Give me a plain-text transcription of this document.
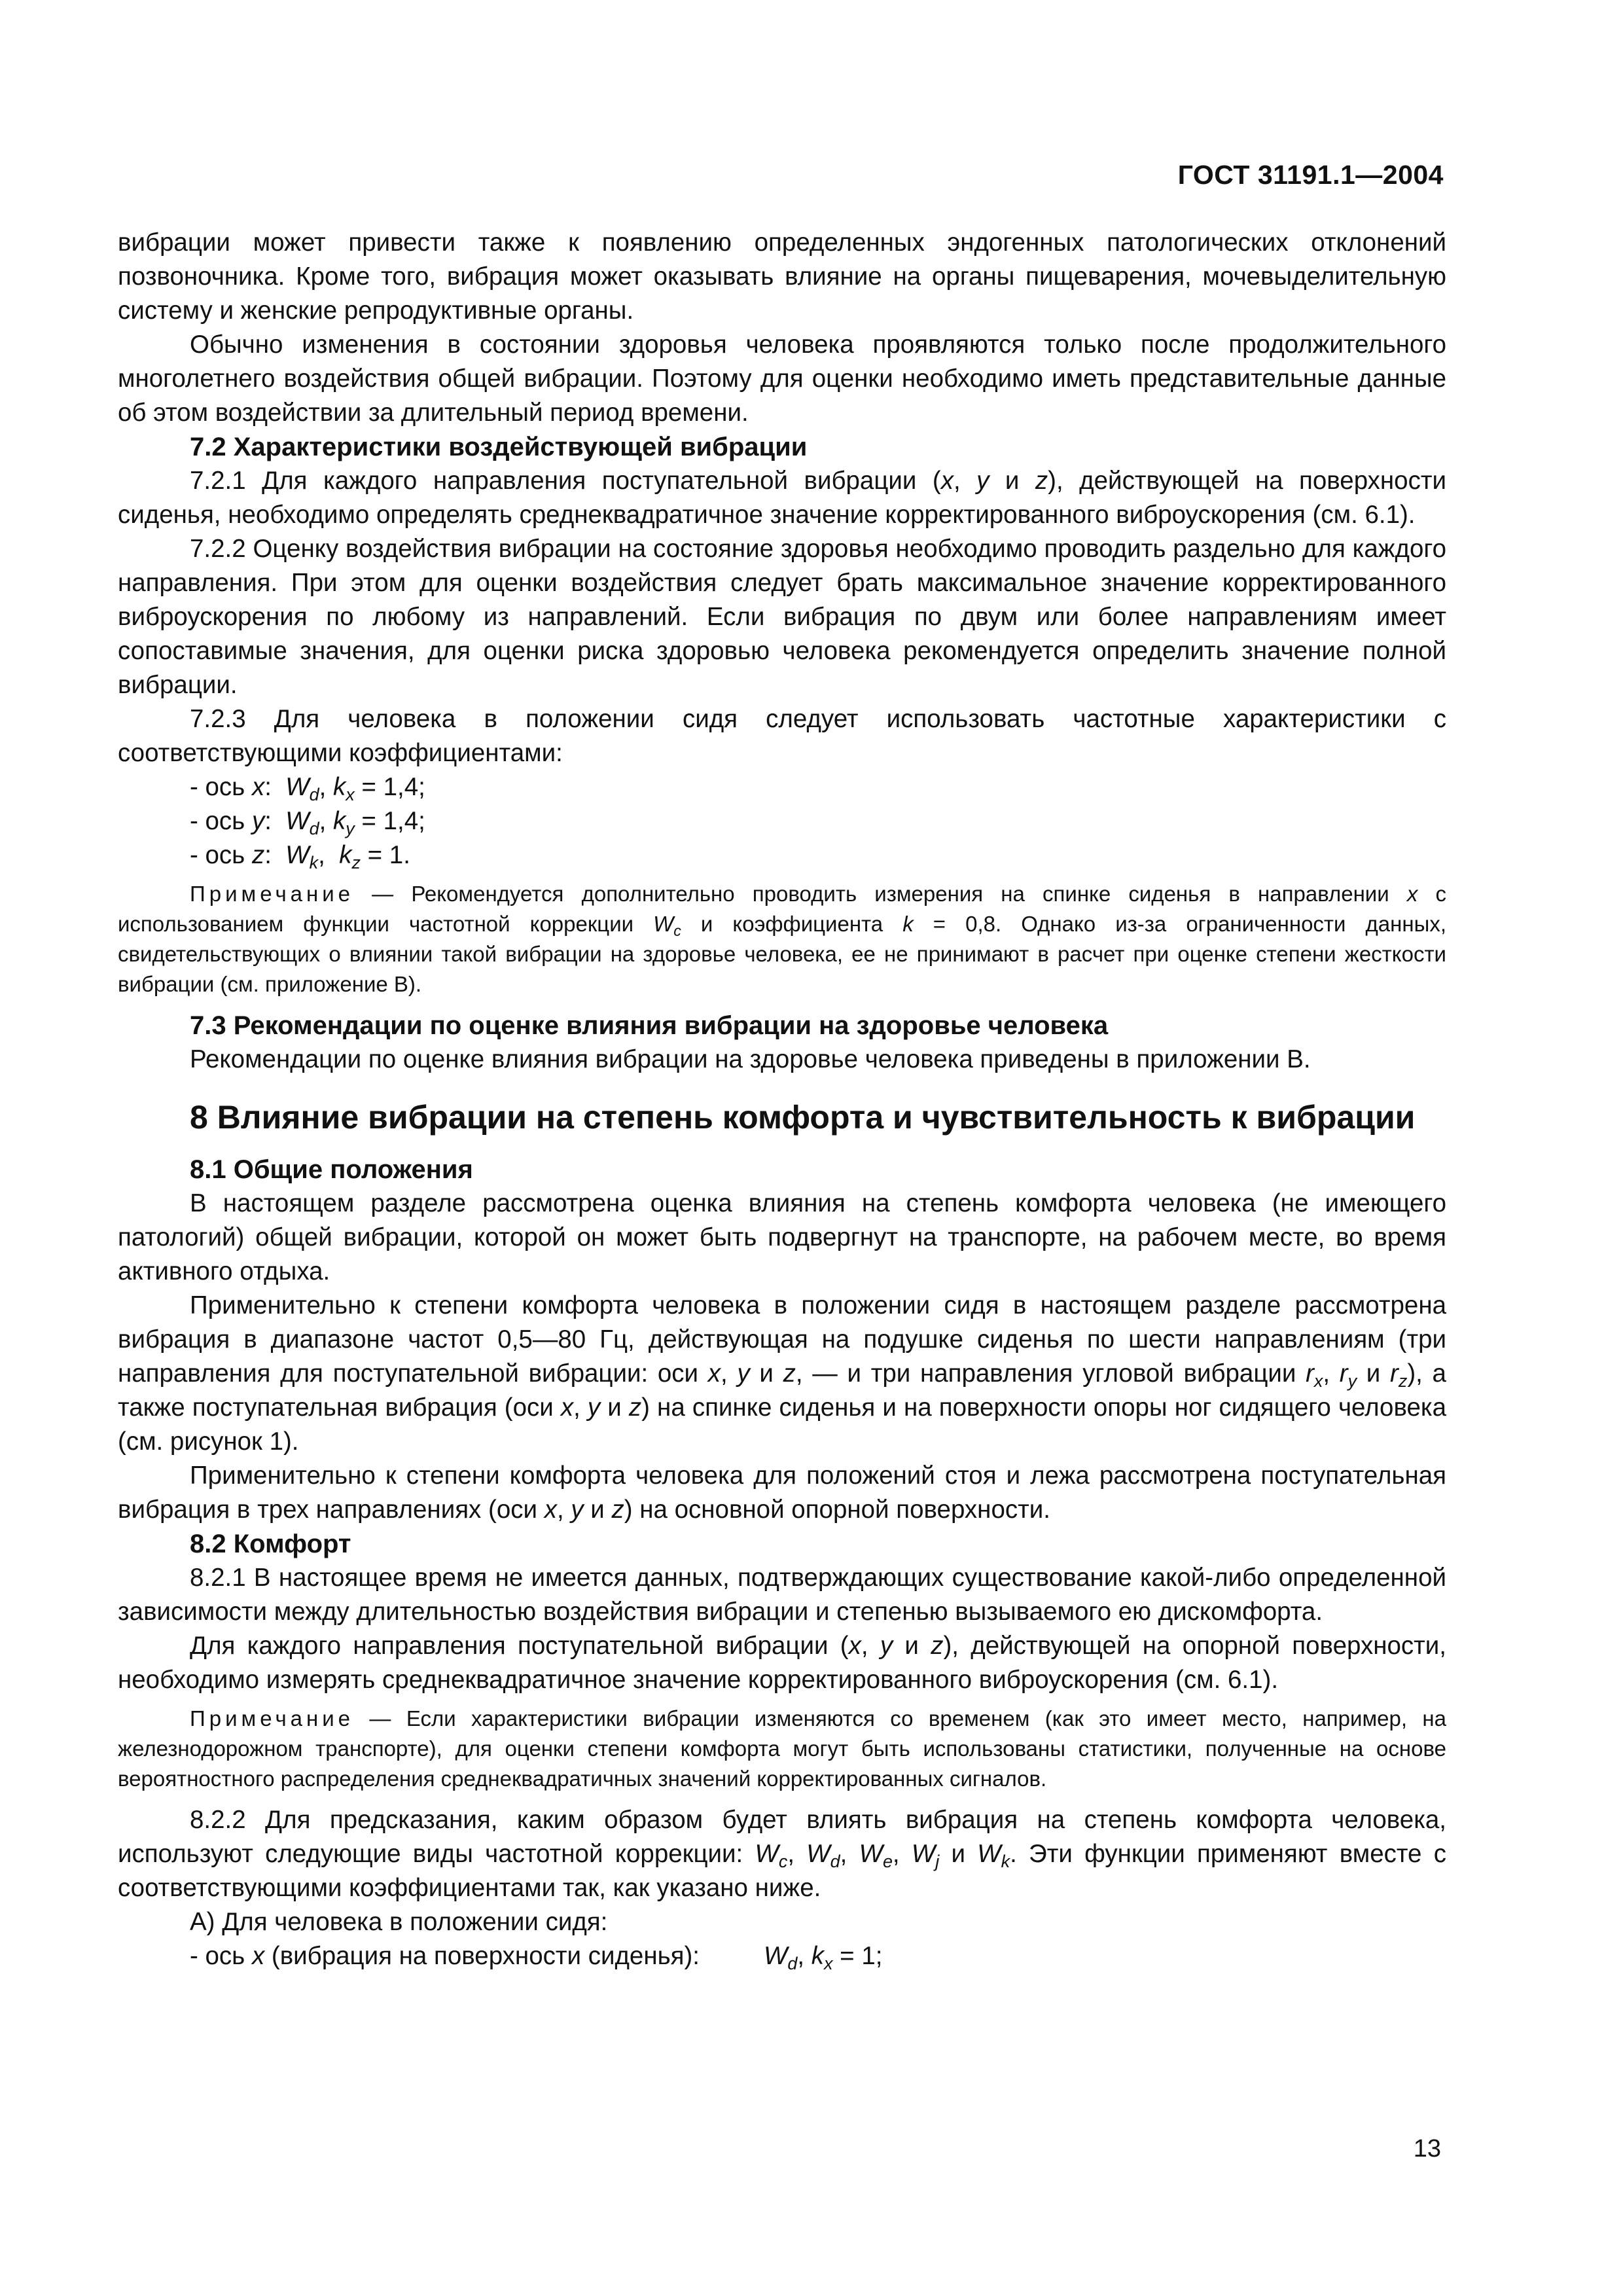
ГОСТ 31191.1—2004

вибрации может привести также к появлению определенных эндогенных патологических отклонений позвоночника. Кроме того, вибрация может оказывать влияние на органы пищеварения, мочевыделительную систему и женские репродуктивные органы.

Обычно изменения в состоянии здоровья человека проявляются только после продолжительного многолетнего воздействия общей вибрации. Поэтому для оценки необходимо иметь представительные данные об этом воздействии за длительный период времени.

7.2 Характеристики воздействующей вибрации

7.2.1 Для каждого направления поступательной вибрации (x, y и z), действующей на поверхности сиденья, необходимо определять среднеквадратичное значение корректированного виброускорения (см. 6.1).

7.2.2 Оценку воздействия вибрации на состояние здоровья необходимо проводить раздельно для каждого направления. При этом для оценки воздействия следует брать максимальное значение корректированного виброускорения по любому из направлений. Если вибрация по двум или более направлениям имеет сопоставимые значения, для оценки риска здоровью человека рекомендуется определить значение полной вибрации.

7.2.3 Для человека в положении сидя следует использовать частотные характеристики с соответствующими коэффициентами:

- ось x:  $W_d$, $k_x = 1,4$;
- ось y:  $W_d$, $k_y = 1,4$;
- ось z:  $W_k$,  $k_z = 1$.

Примечание — Рекомендуется дополнительно проводить измерения на спинке сиденья в направлении x с использованием функции частотной коррекции $W_c$ и коэффициента k = 0,8. Однако из-за ограниченности данных, свидетельствующих о влиянии такой вибрации на здоровье человека, ее не принимают в расчет при оценке степени жесткости вибрации (см. приложение В).

7.3 Рекомендации по оценке влияния вибрации на здоровье человека

Рекомендации по оценке влияния вибрации на здоровье человека приведены в приложении В.

8 Влияние вибрации на степень комфорта и чувствительность к вибрации

8.1 Общие положения

В настоящем разделе рассмотрена оценка влияния на степень комфорта человека (не имеющего патологий) общей вибрации, которой он может быть подвергнут на транспорте, на рабочем месте, во время активного отдыха.

Применительно к степени комфорта человека в положении сидя в настоящем разделе рассмотрена вибрация в диапазоне частот 0,5—80 Гц, действующая на подушке сиденья по шести направлениям (три направления для поступательной вибрации: оси x, y и z, — и три направления угловой вибрации $r_x$, $r_y$ и $r_z$), а также поступательная вибрация (оси x, y и z) на спинке сиденья и на поверхности опоры ног сидящего человека (см. рисунок 1).

Применительно к степени комфорта человека для положений стоя и лежа рассмотрена поступательная вибрация в трех направлениях (оси x, y и z) на основной опорной поверхности.

8.2 Комфорт

8.2.1 В настоящее время не имеется данных, подтверждающих существование какой-либо определенной зависимости между длительностью воздействия вибрации и степенью вызываемого ею дискомфорта.

Для каждого направления поступательной вибрации (x, y и z), действующей на опорной поверхности, необходимо измерять среднеквадратичное значение корректированного виброускорения (см. 6.1).

Примечание — Если характеристики вибрации изменяются со временем (как это имеет место, например, на железнодорожном транспорте), для оценки степени комфорта могут быть использованы статистики, полученные на основе вероятностного распределения среднеквадратичных значений корректированных сигналов.

8.2.2 Для предсказания, каким образом будет влиять вибрация на степень комфорта человека, используют следующие виды частотной коррекции: $W_c$, $W_d$, $W_e$, $W_j$ и $W_k$. Эти функции применяют вместе с соответствующими коэффициентами так, как указано ниже.

А) Для человека в положении сидя:

- ось x (вибрация на поверхности сиденья):	$W_d$, $k_x = 1$;
13
